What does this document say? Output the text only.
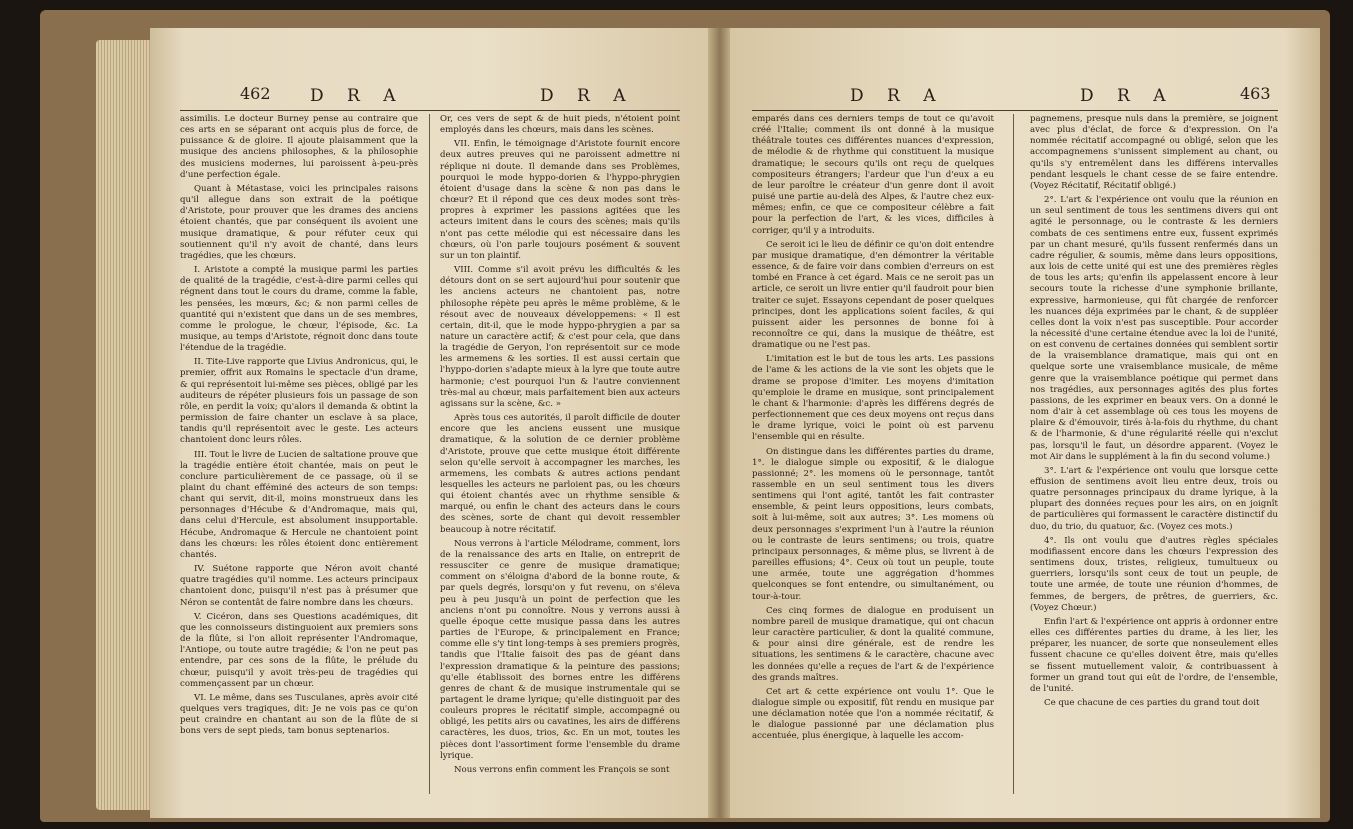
462 D R A	D R A

assimilis. Le docteur Burney pense au contraire que ces arts en se séparant ont acquis plus de force, de puissance & de gloire. Il ajoute plaisamment que la musique des anciens philosophes, & la philosophie des musiciens modernes, lui paroissent à-peu-près d'une perfection égale.

Quant à Métastase, voici les principales raisons qu'il allegue dans son extrait de la poétique d'Aristote, pour prouver que les drames des anciens étoient chantés, que par conséquent ils avoient une musique dramatique, & pour réfuter ceux qui soutiennent qu'il n'y avoit de chanté, dans leurs tragédies, que les chœurs.

I. Aristote a compté la musique parmi les parties de qualité de la tragédie, c'est-à-dire parmi celles qui régnent dans tout le cours du drame, comme la fable, les pensées, les mœurs, &c; & non parmi celles de quantité qui n'existent que dans un de ses membres, comme le prologue, le chœur, l'épisode, &c. La musique, au temps d'Aristote, régnoit donc dans toute l'étendue de la tragédie.

II. Tite-Live rapporte que Livius Andronicus, qui, le premier, offrit aux Romains le spectacle d'un drame, & qui représentoit lui-même ses pièces, obligé par les auditeurs de répéter plusieurs fois un passage de son rôle, en perdit la voix; qu'alors il demanda & obtint la permission de faire chanter un esclave à sa place, tandis qu'il représentoit avec le geste. Les acteurs chantoient donc leurs rôles.

III. Tout le livre de Lucien de saltatione prouve que la tragédie entière étoit chantée, mais on peut le conclure particulièrement de ce passage, où il se plaint du chant efféminé des acteurs de son temps: chant qui servit, dit-il, moins monstrueux dans les personnages d'Hécube & d'Andromaque, mais qui, dans celui d'Hercule, est absolument insupportable. Hécube, Andromaque & Hercule ne chantoient point dans les chœurs: les rôles étoient donc entièrement chantés.

IV. Suétone rapporte que Néron avoit chanté quatre tragédies qu'il nomme. Les acteurs principaux chantoient donc, puisqu'il n'est pas à présumer que Néron se contentât de faire nombre dans les chœurs.

V. Cicéron, dans ses Questions académiques, dit que les connoisseurs distinguoient aux premiers sons de la flûte, si l'on alloit représenter l'Andromaque, l'Antiope, ou toute autre tragédie; & l'on ne peut pas entendre, par ces sons de la flûte, le prélude du chœur, puisqu'il y avoit très-peu de tragédies qui commençassent par un chœur.

VI. Le même, dans ses Tusculanes, après avoir cité quelques vers tragiques, dit: Je ne vois pas ce qu'on peut craindre en chantant au son de la flûte de si bons vers de sept pieds, tam bonus septenarios.

Or, ces vers de sept & de huit pieds, n'étoient point employés dans les chœurs, mais dans les scènes.

VII. Enfin, le témoignage d'Aristote fournit encore deux autres preuves qui ne paroissent admettre ni réplique ni doute. Il demande dans ses Problèmes, pourquoi le mode hyppo-dorien & l'hyppo-phrygien étoient d'usage dans la scène & non pas dans le chœur? Et il répond que ces deux modes sont très-propres à exprimer les passions agitées que les acteurs imitent dans le cours des scènes; mais qu'ils n'ont pas cette mélodie qui est nécessaire dans les chœurs, où l'on parle toujours posément & souvent sur un ton plaintif.

VIII. Comme s'il avoit prévu les difficultés & les détours dont on se sert aujourd'hui pour soutenir que les anciens acteurs ne chantoient pas, notre philosophe répète peu après le même problème, & le résout avec de nouveaux développemens: « Il est certain, dit-il, que le mode hyppo-phrygien a par sa nature un caractère actif; & c'est pour cela, que dans la tragédie de Geryon, l'on représentoit sur ce mode les armemens & les sorties. Il est aussi certain que l'hyppo-dorien s'adapte mieux à la lyre que toute autre harmonie; c'est pourquoi l'un & l'autre conviennent très-mal au chœur, mais parfaitement bien aux acteurs agissans sur la scène, &c. »

Après tous ces autorités, il paroît difficile de douter encore que les anciens eussent une musique dramatique, & la solution de ce dernier problème d'Aristote, prouve que cette musique étoit différente selon qu'elle servoit à accompagner les marches, les armemens, les combats & autres actions pendant lesquelles les acteurs ne parloient pas, ou les chœurs qui étoient chantés avec un rhythme sensible & marqué, ou enfin le chant des acteurs dans le cours des scènes, sorte de chant qui devoit ressembler beaucoup à notre récitatif.

Nous verrons à l'article Mélodrame, comment, lors de la renaissance des arts en Italie, on entreprit de ressusciter ce genre de musique dramatique; comment on s'éloigna d'abord de la bonne route, & par quels degrés, lorsqu'on y fut revenu, on s'éleva peu à peu jusqu'à un point de perfection que les anciens n'ont pu connoître. Nous y verrons aussi à quelle époque cette musique passa dans les autres parties de l'Europe, & principalement en France; comme elle s'y tint long-temps à ses premiers progrès, tandis que l'Italie faisoit des pas de géant dans l'expression dramatique & la peinture des passions; qu'elle établissoit des bornes entre les différens genres de chant & de musique instrumentale qui se partagent le drame lyrique; qu'elle distinguoit par des couleurs propres le récitatif simple, accompagné ou obligé, les petits airs ou cavatines, les airs de différens caractères, les duos, trios, &c. En un mot, toutes les pièces dont l'assortiment forme l'ensemble du drame lyrique.

Nous verrons enfin comment les François se sont

D R A	D R A	463

emparés dans ces derniers temps de tout ce qu'avoit créé l'Italie; comment ils ont donné à la musique théâtrale toutes ces différentes nuances d'expression, de mélodie & de rhythme qui constituent la musique dramatique; le secours qu'ils ont reçu de quelques compositeurs étrangers; l'ardeur que l'un d'eux a eu de leur paroître le créateur d'un genre dont il avoit puisé une partie au-delà des Alpes, & l'autre chez eux-mêmes; enfin, ce que ce compositeur célèbre a fait pour la perfection de l'art, & les vices, difficiles à corriger, qu'il y a introduits.

Ce seroit ici le lieu de définir ce qu'on doit entendre par musique dramatique, d'en démontrer la véritable essence, & de faire voir dans combien d'erreurs on est tombé en France à cet égard. Mais ce ne seroit pas un article, ce seroit un livre entier qu'il faudroit pour bien traiter ce sujet. Essayons cependant de poser quelques principes, dont les applications soient faciles, & qui puissent aider les personnes de bonne foi à reconnoître ce qui, dans la musique de théâtre, est dramatique ou ne l'est pas.

L'imitation est le but de tous les arts. Les passions de l'ame & les actions de la vie sont les objets que le drame se propose d'imiter. Les moyens d'imitation qu'emploie le drame en musique, sont principalement le chant & l'harmonie: d'après les différens degrés de perfectionnement que ces deux moyens ont reçus dans le drame lyrique, voici le point où est parvenu l'ensemble qui en résulte.

On distingue dans les différentes parties du drame, 1°. le dialogue simple ou expositif, & le dialogue passionné; 2°. les momens où le personnage, tantôt rassemble en un seul sentiment tous les divers sentimens qui l'ont agité, tantôt les fait contraster ensemble, & peint leurs oppositions, leurs combats, soit à lui-même, soit aux autres; 3°. Les momens où deux personnages s'expriment l'un à l'autre la réunion ou le contraste de leurs sentimens; ou trois, quatre principaux personnages, & même plus, se livrent à de pareilles effusions; 4°. Ceux où tout un peuple, toute une armée, toute une aggrégation d'hommes quelconques se font entendre, ou simultanément, ou tour-à-tour.

Ces cinq formes de dialogue en produisent un nombre pareil de musique dramatique, qui ont chacun leur caractère particulier, & dont la qualité commune, & pour ainsi dire générale, est de rendre les situations, les sentimens & le caractère, chacune avec les données qu'elle a reçues de l'art & de l'expérience des grands maîtres.

Cet art & cette expérience ont voulu 1°. Que le dialogue simple ou expositif, fût rendu en musique par une déclamation notée que l'on a nommée récitatif, & le dialogue passionné par une déclamation plus accentuée, plus énergique, à laquelle les accom-

pagnemens, presque nuls dans la première, se joignent avec plus d'éclat, de force & d'expression. On l'a nommée récitatif accompagné ou obligé, selon que les accompagnemens s'unissent simplement au chant, ou qu'ils s'y entremêlent dans les différens intervalles pendant lesquels le chant cesse de se faire entendre. (Voyez Récitatif, Récitatif obligé.)

2°. L'art & l'expérience ont voulu que la réunion en un seul sentiment de tous les sentimens divers qui ont agité le personnage, ou le contraste & les derniers combats de ces sentimens entre eux, fussent exprimés par un chant mesuré, qu'ils fussent renfermés dans un cadre régulier, & soumis, même dans leurs oppositions, aux lois de cette unité qui est une des premières règles de tous les arts; qu'enfin ils appelassent encore à leur secours toute la richesse d'une symphonie brillante, expressive, harmonieuse, qui fût chargée de renforcer les nuances déja exprimées par le chant, & de suppléer celles dont la voix n'est pas susceptible. Pour accorder la nécessité d'une certaine étendue avec la loi de l'unité, on est convenu de certaines données qui semblent sortir de la vraisemblance dramatique, mais qui ont en quelque sorte une vraisemblance musicale, de même genre que la vraisemblance poétique qui permet dans nos tragédies, aux personnages agités des plus fortes passions, de les exprimer en beaux vers. On a donné le nom d'air à cet assemblage où ces tous les moyens de plaire & d'émouvoir, tirés à-la-fois du rhythme, du chant & de l'harmonie, & d'une régularité réelle qui n'exclut pas, lorsqu'il le faut, un désordre apparent. (Voyez le mot Air dans le supplément à la fin du second volume.)

3°. L'art & l'expérience ont voulu que lorsque cette effusion de sentimens avoit lieu entre deux, trois ou quatre personnages principaux du drame lyrique, à la plupart des données reçues pour les airs, on en joignît de particulières qui formassent le caractère distinctif du duo, du trio, du quatuor, &c. (Voyez ces mots.)

4°. Ils ont voulu que d'autres règles spéciales modifiassent encore dans les chœurs l'expression des sentimens doux, tristes, religieux, tumultueux ou guerriers, lorsqu'ils sont ceux de tout un peuple, de toute une armée, de toute une réunion d'hommes, de femmes, de bergers, de prêtres, de guerriers, &c. (Voyez Chœur.)

Enfin l'art & l'expérience ont appris à ordonner entre elles ces différentes parties du drame, à les lier, les préparer, les nuancer, de sorte que nonseulement elles fussent chacune ce qu'elles doivent être, mais qu'elles se fissent mutuellement valoir, & contribuassent à former un grand tout qui eût de l'ordre, de l'ensemble, de l'unité.

Ce que chacune de ces parties du grand tout doit
